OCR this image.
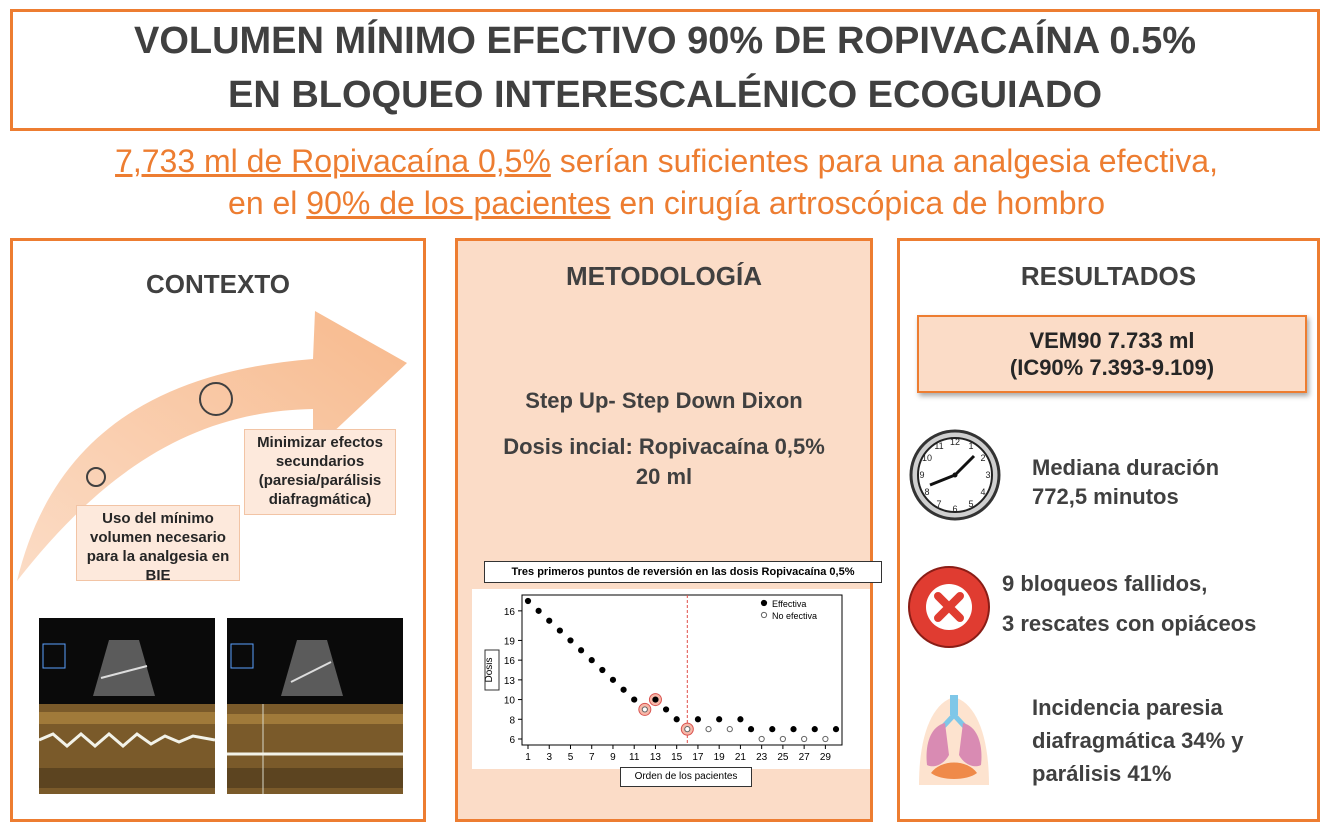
VOLUMEN MÍNIMO EFECTIVO 90% DE ROPIVACAÍNA 0.5%
EN BLOQUEO INTERESCALÉNICO ECOGUIADO
7,733 ml de Ropivacaína 0,5% serían suficientes para una analgesia efectiva,
en el 90% de los pacientes en cirugía artroscópica de hombro
CONTEXTO
Minimizar efectos secundarios (paresia/parálisis diafragmática)
Uso del mínimo volumen necesario para la analgesia en BIE
METODOLOGÍA
Step Up- Step Down Dixon
Dosis incial: Ropivacaína 0,5%
20 ml
Tres primeros puntos de reversión en las dosis Ropivacaína 0,5%
6
8
10
13
16
19
16
Dosis
1 3 5 7 9 11 13 15 17 19 21 23 25 27 29
Effectiva
No efectiva
Orden de los pacientes
RESULTADOS
VEM90 7.733 ml
(IC90% 7.393-9.109)
12 1
2
3
4
5
6
7
8
9
10
11
Mediana duración
772,5 minutos
9 bloqueos fallidos,
3 rescates con opiáceos
Incidencia paresia
diafragmática 34% y
parálisis 41%
